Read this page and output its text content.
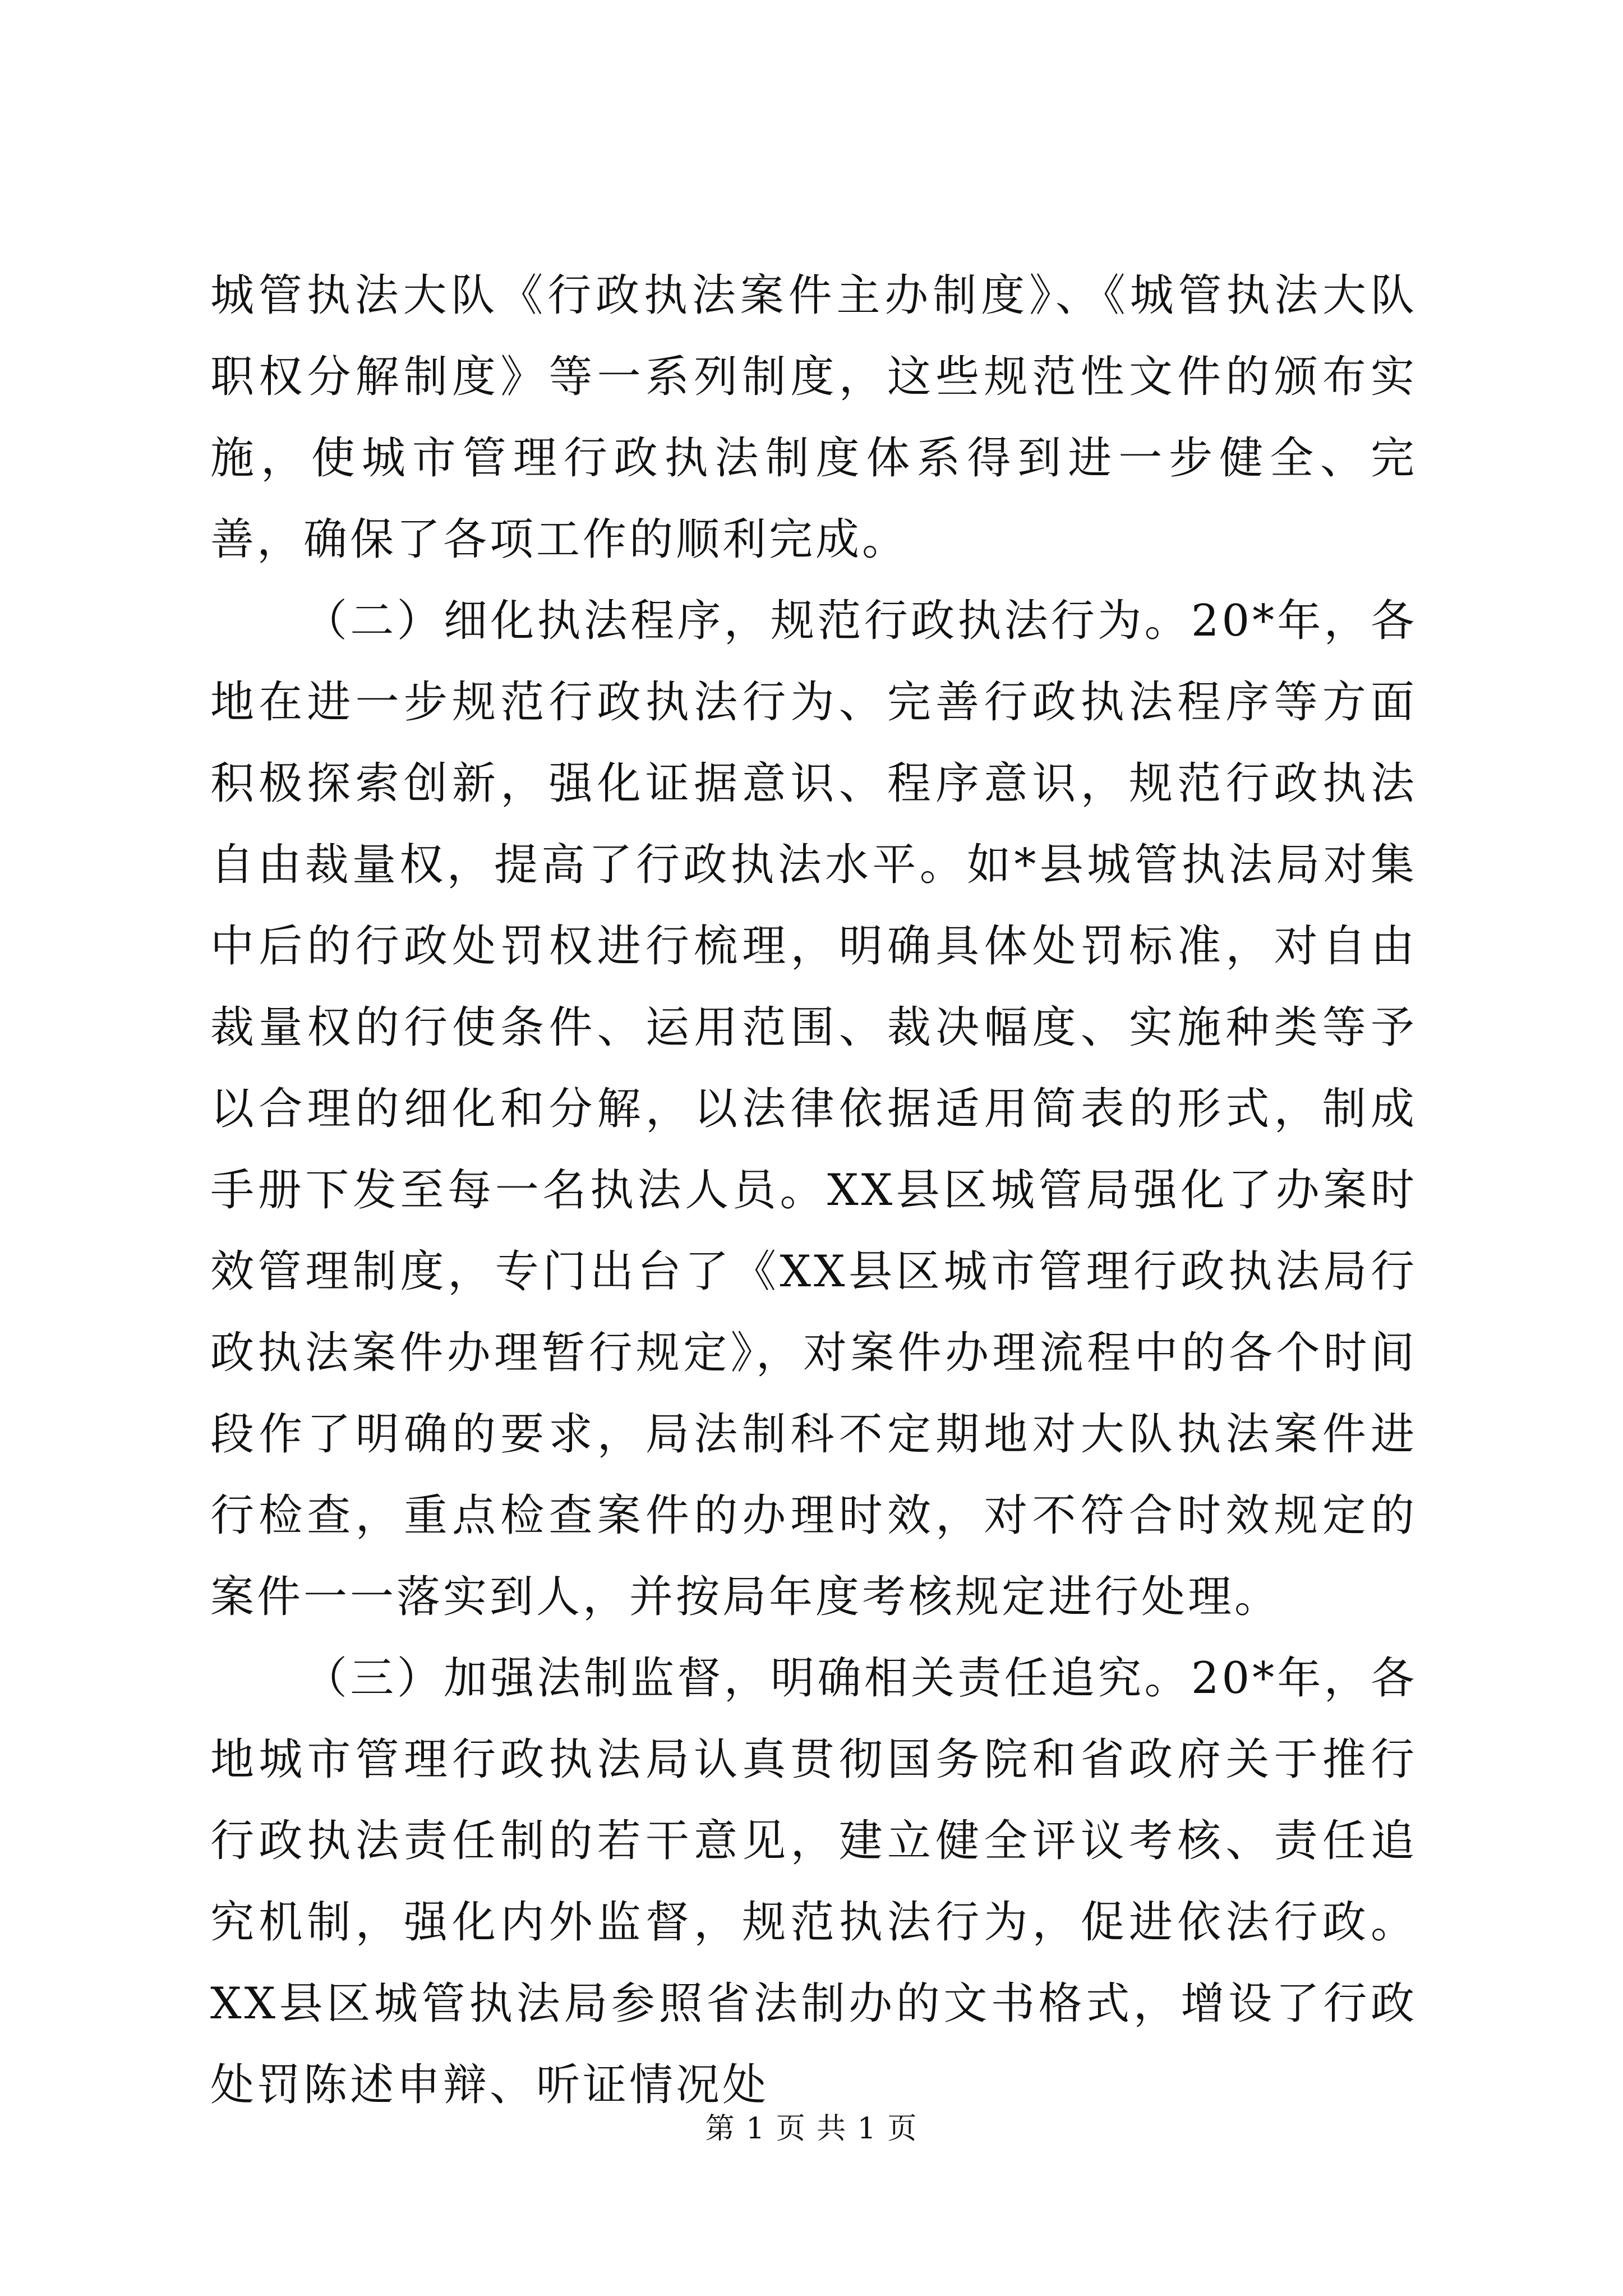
城管执法大队《行政执法案件主办制度》、《城管执法大队职权分解制度》等一系列制度，这些规范性文件的颁布实施，使城市管理行政执法制度体系得到进一步健全、完善，确保了各项工作的顺利完成。

（二）细化执法程序，规范行政执法行为。20*年，各地在进一步规范行政执法行为、完善行政执法程序等方面积极探索创新，强化证据意识、程序意识，规范行政执法自由裁量权，提高了行政执法水平。如*县城管执法局对集中后的行政处罚权进行梳理，明确具体处罚标准，对自由裁量权的行使条件、运用范围、裁决幅度、实施种类等予以合理的细化和分解，以法律依据适用简表的形式，制成手册下发至每一名执法人员。XX县区城管局强化了办案时效管理制度，专门出台了《XX县区城市管理行政执法局行政执法案件办理暂行规定》，对案件办理流程中的各个时间段作了明确的要求，局法制科不定期地对大队执法案件进行检查，重点检查案件的办理时效，对不符合时效规定的案件一一落实到人，并按局年度考核规定进行处理。

（三）加强法制监督，明确相关责任追究。20*年，各地城市管理行政执法局认真贯彻国务院和省政府关于推行行政执法责任制的若干意见，建立健全评议考核、责任追究机制，强化内外监督，规范执法行为，促进依法行政。XX县区城管执法局参照省法制办的文书格式，增设了行政处罚陈述申辩、听证情况处

第 1 页 共 1 页
